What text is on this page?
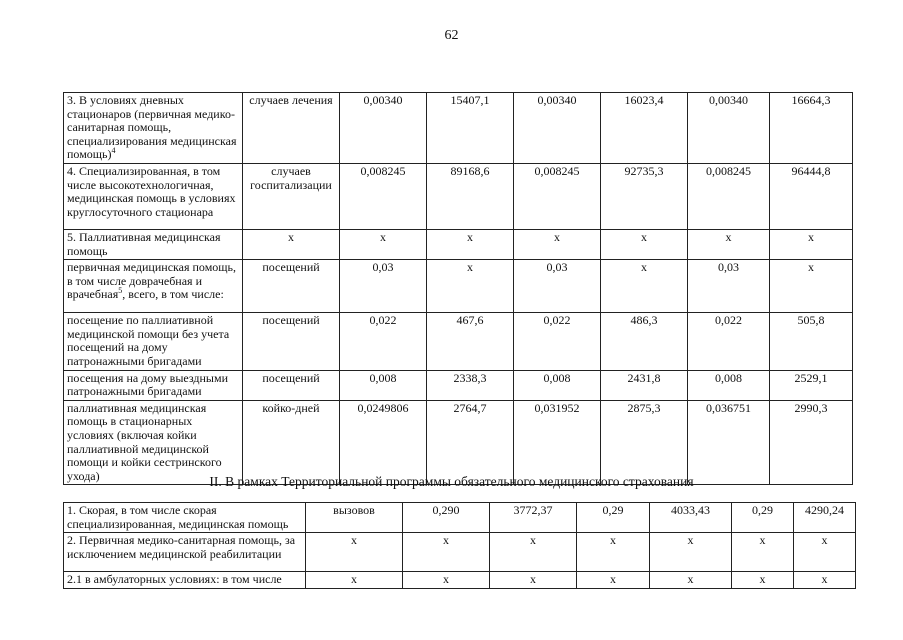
62
3. В условиях дневных стационаров (первичная медико-санитарная помощь, специализирования медицинская помощь)$^4$	случаев лечения	0,00340	15407,1	0,00340	16023,4	0,00340	16664,3
4. Специализированная, в том числе высокотехнологичная, медицинская помощь в условиях круглосуточного стационара	случаев госпитализации	0,008245	89168,6	0,008245	92735,3	0,008245	96444,8
5. Паллиативная медицинская помощь	x	x	x	x	x	x	x
первичная медицинская помощь, в том числе доврачебная и врачебная$^5$, всего, в том числе:	посещений	0,03	x	0,03	x	0,03	x
посещение по паллиативной медицинской помощи без учета посещений на дому патронажными бригадами	посещений	0,022	467,6	0,022	486,3	0,022	505,8
посещения на дому выездными патронажными бригадами	посещений	0,008	2338,3	0,008	2431,8	0,008	2529,1
паллиативная медицинская помощь в стационарных условиях (включая койки паллиативной медицинской помощи и койки сестринского ухода)	койко-дней	0,0249806	2764,7	0,031952	2875,3	0,036751	2990,3
II. В рамках Территориальной программы обязательного медицинского страхования
1. Скорая, в том числе скорая специализированная, медицинская помощь	вызовов	0,290	3772,37	0,29	4033,43	0,29	4290,24
2. Первичная медико-санитарная помощь, за исключением медицинской реабилитации	x	x	x	x	x	x	x
2.1 в амбулаторных условиях: в том числе	x	x	x	x	x	x	x
